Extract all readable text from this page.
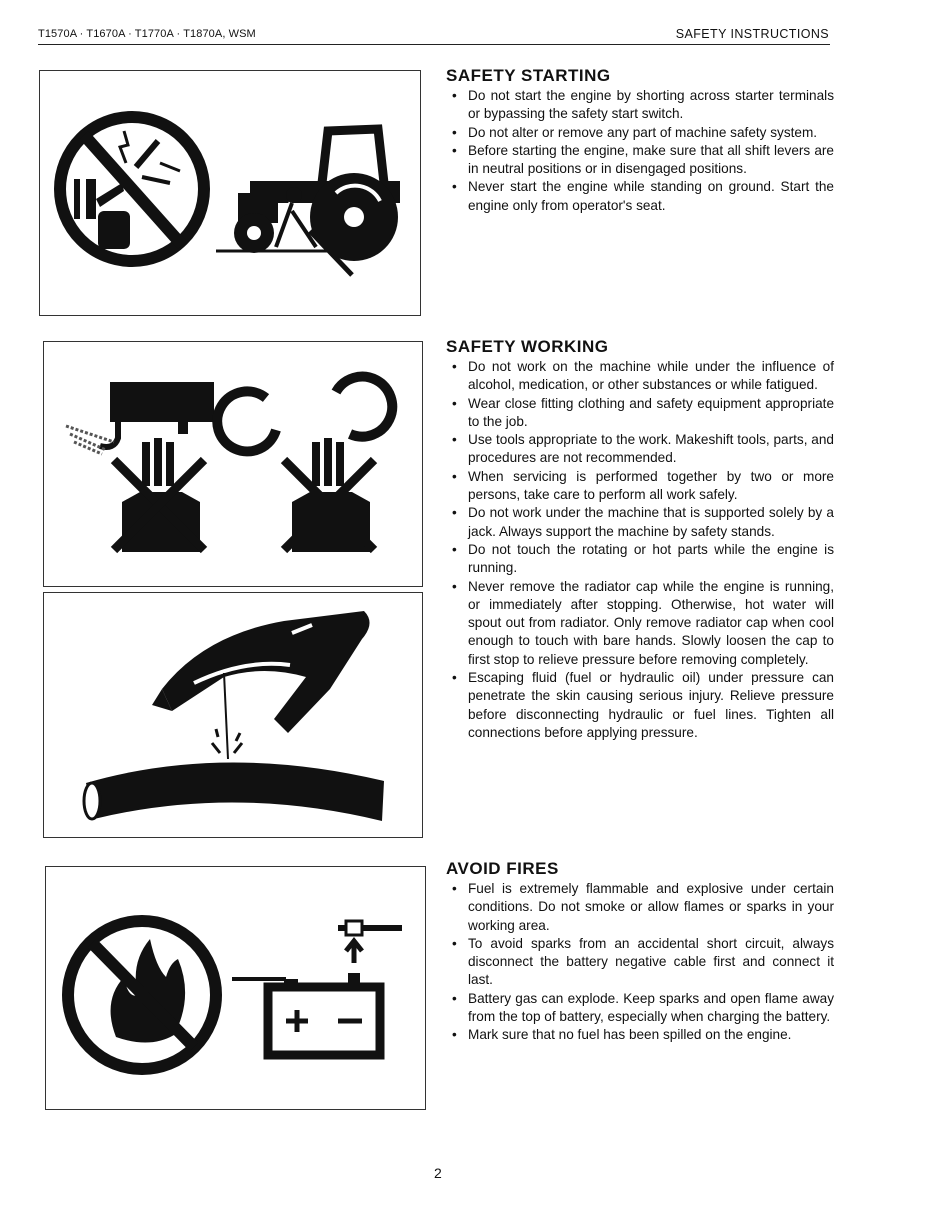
T1570A · T1670A · T1770A · T1870A, WSM	SAFETY INSTRUCTIONS
SAFETY STARTING
• Do not start the engine by shorting across starter terminals or bypassing the safety start switch.
• Do not alter or remove any part of machine safety system.
• Before starting the engine, make sure that all shift levers are in neutral positions or in disengaged positions.
• Never start the engine while standing on ground. Start the engine only from operator's seat.
SAFETY WORKING
• Do not work on the machine while under the influence of alcohol, medication, or other substances or while fatigued.
• Wear close fitting clothing and safety equipment appropriate to the job.
• Use tools appropriate to the work. Makeshift tools, parts, and procedures are not recommended.
• When servicing is performed together by two or more persons, take care to perform all work safely.
• Do not work under the machine that is supported solely by a jack. Always support the machine by safety stands.
• Do not touch the rotating or hot parts while the engine is running.
• Never remove the radiator cap while the engine is running, or immediately after stopping. Otherwise, hot water will spout out from radiator. Only remove radiator cap when cool enough to touch with bare hands. Slowly loosen the cap to first stop to relieve pressure before removing completely.
• Escaping fluid (fuel or hydraulic oil) under pressure can penetrate the skin causing serious injury. Relieve pressure before disconnecting hydraulic or fuel lines. Tighten all connections before applying pressure.
AVOID FIRES
• Fuel is extremely flammable and explosive under certain conditions. Do not smoke or allow flames or sparks in your working area.
• To avoid sparks from an accidental short circuit, always disconnect the battery negative cable first and connect it last.
• Battery gas can explode. Keep sparks and open flame away from the top of battery, especially when charging the battery.
• Mark sure that no fuel has been spilled on the engine.
2
